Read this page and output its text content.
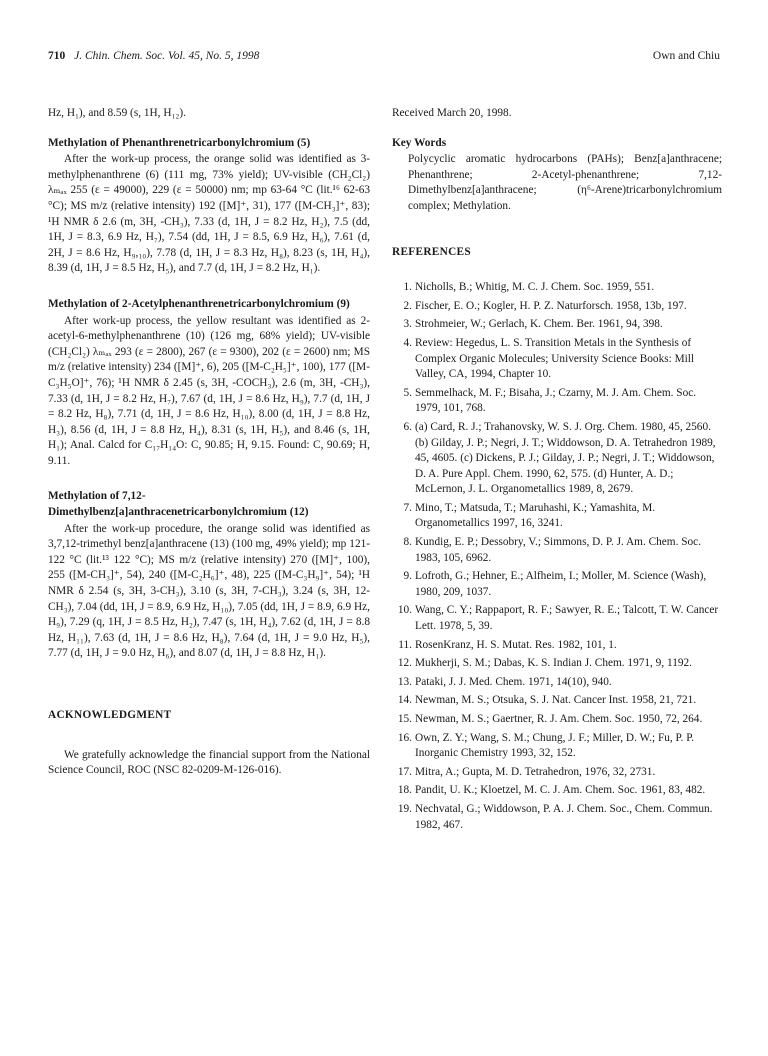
710 J. Chin. Chem. Soc. Vol. 45, No. 5, 1998	Own and Chiu

Hz, H₁), and 8.59 (s, 1H, H₁₂).

Methylation of Phenanthrenetricarbonylchromium (5)

After the work-up process, the orange solid was identified as 3-methylphenanthrene (6) (111 mg, 73% yield); UV-visible (CH₂Cl₂) λₘₐₓ 255 (ε = 49000), 229 (ε = 50000) nm; mp 63-64 °C (lit.¹⁶ 62-63 °C); MS m/z (relative intensity) 192 ([M]⁺, 31), 177 ([M-CH₃]⁺, 83); ¹H NMR δ 2.6 (m, 3H, -CH₃), 7.33 (d, 1H, J = 8.2 Hz, H₂), 7.5 (dd, 1H, J = 8.3, 6.9 Hz, H₇), 7.54 (dd, 1H, J = 8.5, 6.9 Hz, H₆), 7.61 (d, 2H, J = 8.6 Hz, H₉,₁₀), 7.78 (d, 1H, J = 8.3 Hz, H₈), 8.23 (s, 1H, H₄), 8.39 (d, 1H, J = 8.5 Hz, H₅), and 7.7 (d, 1H, J = 8.2 Hz, H₁).

Methylation of 2-Acetylphenanthrenetricarbonylchromium (9)

After work-up process, the yellow resultant was identified as 2-acetyl-6-methylphenanthrene (10) (126 mg, 68% yield); UV-visible (CH₂Cl₂) λₘₐₓ 293 (ε = 2800), 267 (ε = 9300), 202 (ε = 2600) nm; MS m/z (relative intensity) 234 ([M]⁺, 6), 205 ([M-C₂H₅]⁺, 100), 177 ([M-C₃H₅O]⁺, 76); ¹H NMR δ 2.45 (s, 3H, -COCH₃), 2.6 (m, 3H, -CH₃), 7.33 (d, 1H, J = 8.2 Hz, H₇), 7.67 (d, 1H, J = 8.6 Hz, H₉), 7.7 (d, 1H, J = 8.2 Hz, H₈), 7.71 (d, 1H, J = 8.6 Hz, H₁₀), 8.00 (d, 1H, J = 8.8 Hz, H₃), 8.56 (d, 1H, J = 8.8 Hz, H₄), 8.31 (s, 1H, H₅), and 8.46 (s, 1H, H₁); Anal. Calcd for C₁₇H₁₄O: C, 90.85; H, 9.15. Found: C, 90.69; H, 9.11.

Methylation of 7,12-Dimethylbenz[a]anthracenetricarbonylchromium (12)

After the work-up procedure, the orange solid was identified as 3,7,12-trimethyl benz[a]anthracene (13) (100 mg, 49% yield); mp 121-122 °C (lit.¹³ 122 °C); MS m/z (relative intensity) 270 ([M]⁺, 100), 255 ([M-CH₃]⁺, 54), 240 ([M-C₂H₆]⁺, 48), 225 ([M-C₃H₉]⁺, 54); ¹H NMR δ 2.54 (s, 3H, 3-CH₃), 3.10 (s, 3H, 7-CH₃), 3.24 (s, 3H, 12-CH₃), 7.04 (dd, 1H, J = 8.9, 6.9 Hz, H₁₀), 7.05 (dd, 1H, J = 8.9, 6.9 Hz, H₉), 7.29 (q, 1H, J = 8.5 Hz, H₂), 7.47 (s, 1H, H₄), 7.62 (d, 1H, J = 8.8 Hz, H₁₁), 7.63 (d, 1H, J = 8.6 Hz, H₈), 7.64 (d, 1H, J = 9.0 Hz, H₅), 7.77 (d, 1H, J = 9.0 Hz, H₆), and 8.07 (d, 1H, J = 8.8 Hz, H₁).

ACKNOWLEDGMENT

We gratefully acknowledge the financial support from the National Science Council, ROC (NSC 82-0209-M-126-016).

Received March 20, 1998.

Key Words

Polycyclic aromatic hydrocarbons (PAHs); Benz[a]anthracene; Phenanthrene; 2-Acetyl-phenanthrene; 7,12-Dimethylbenz[a]anthracene; (η⁶-Arene)tricarbonylchromium complex; Methylation.

REFERENCES

1. Nicholls, B.; Whitig, M. C. J. Chem. Soc. 1959, 551.
2. Fischer, E. O.; Kogler, H. P. Z. Naturforsch. 1958, 13b, 197.
3. Strohmeier, W.; Gerlach, K. Chem. Ber. 1961, 94, 398.
4. Review: Hegedus, L. S. Transition Metals in the Synthesis of Complex Organic Molecules; University Science Books: Mill Valley, CA, 1994, Chapter 10.
5. Semmelhack, M. F.; Bisaha, J.; Czarny, M. J. Am. Chem. Soc. 1979, 101, 768.
6. (a) Card, R. J.; Trahanovsky, W. S. J. Org. Chem. 1980, 45, 2560. (b) Gilday, J. P.; Negri, J. T.; Widdowson, D. A. Tetrahedron 1989, 45, 4605. (c) Dickens, P. J.; Gilday, J. P.; Negri, J. T.; Widdowson, D. A. Pure Appl. Chem. 1990, 62, 575. (d) Hunter, A. D.; McLernon, J. L. Organometallics 1989, 8, 2679.
7. Mino, T.; Matsuda, T.; Maruhashi, K.; Yamashita, M. Organometallics 1997, 16, 3241.
8. Kundig, E. P.; Dessobry, V.; Simmons, D. P. J. Am. Chem. Soc. 1983, 105, 6962.
9. Lofroth, G.; Hehner, E.; Alfheim, I.; Moller, M. Science (Wash), 1980, 209, 1037.
10. Wang, C. Y.; Rappaport, R. F.; Sawyer, R. E.; Talcott, T. W. Cancer Lett. 1978, 5, 39.
11. RosenKranz, H. S. Mutat. Res. 1982, 101, 1.
12. Mukherji, S. M.; Dabas, K. S. Indian J. Chem. 1971, 9, 1192.
13. Pataki, J. J. Med. Chem. 1971, 14(10), 940.
14. Newman, M. S.; Otsuka, S. J. Nat. Cancer Inst. 1958, 21, 721.
15. Newman, M. S.; Gaertner, R. J. Am. Chem. Soc. 1950, 72, 264.
16. Own, Z. Y.; Wang, S. M.; Chung, J. F.; Miller, D. W.; Fu, P. P. Inorganic Chemistry 1993, 32, 152.
17. Mitra, A.; Gupta, M. D. Tetrahedron, 1976, 32, 2731.
18. Pandit, U. K.; Kloetzel, M. C. J. Am. Chem. Soc. 1961, 83, 482.
19. Nechvatal, G.; Widdowson, P. A. J. Chem. Soc., Chem. Commun. 1982, 467.
